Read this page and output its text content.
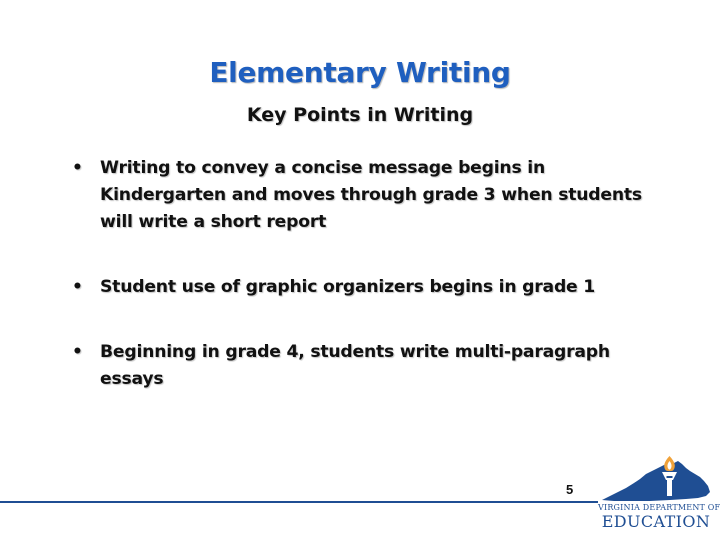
Elementary Writing
Key Points in Writing
• Writing to convey a concise message begins in Kindergarten and moves through grade 3 when students will write a short report
• Student use of graphic organizers begins in grade 1
• Beginning in grade 4, students write multi-paragraph essays
5
VIRGINIA DEPARTMENT OF
EDUCATION
